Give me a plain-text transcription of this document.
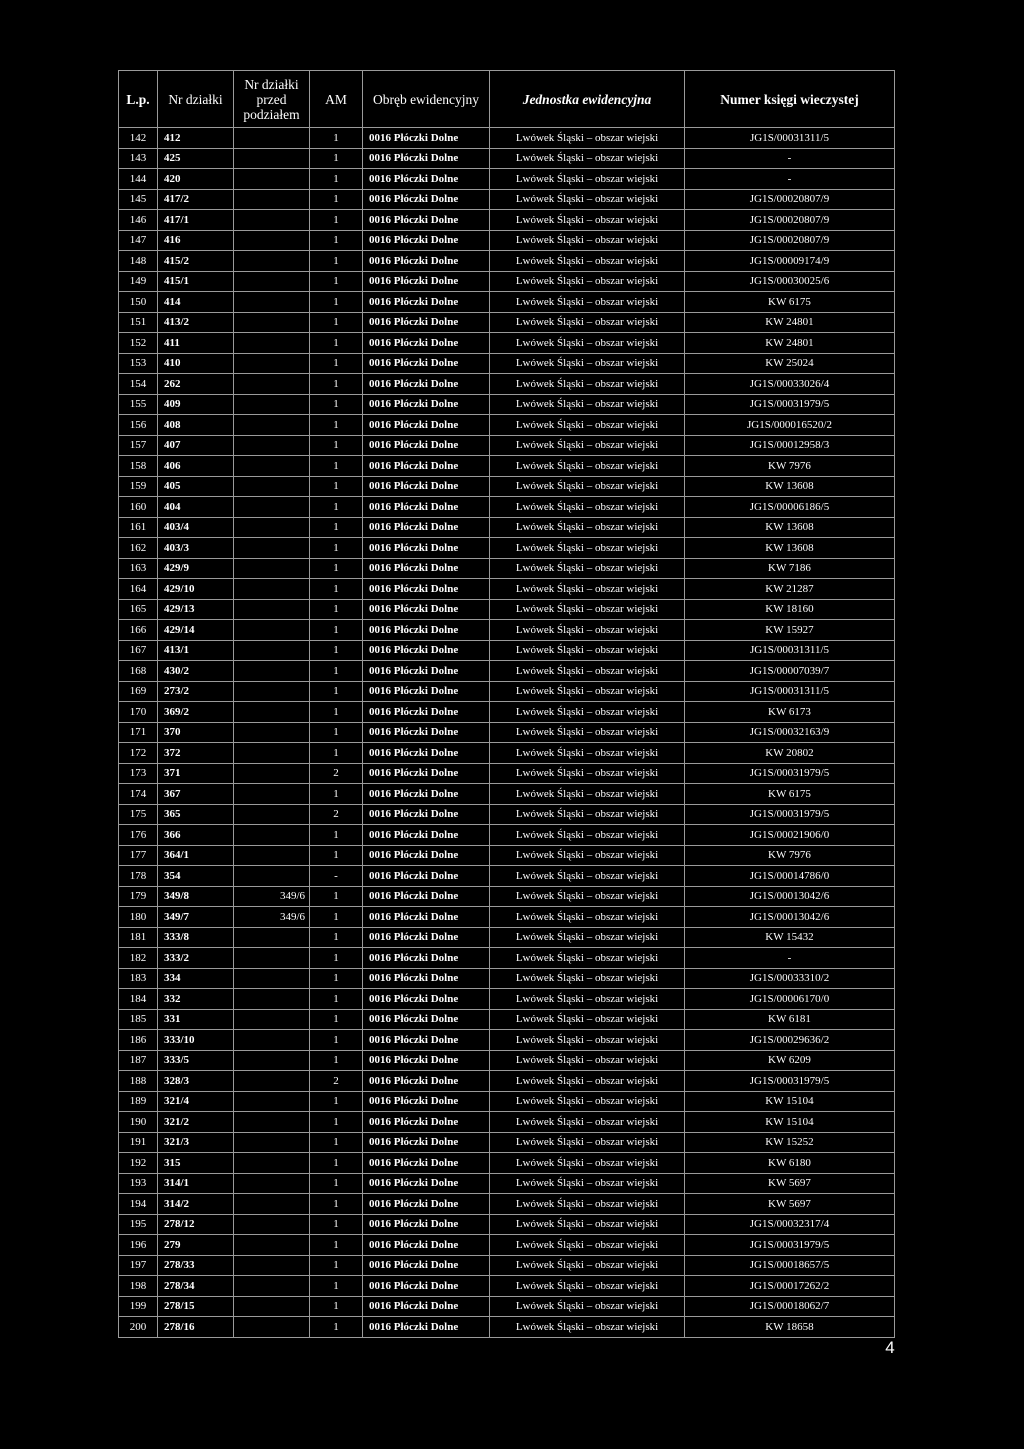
L.p.	Nr działki	Nr działki przed podziałem	AM	Obręb ewidencyjny	Jednostka ewidencyjna	Numer księgi wieczystej
142	412		1	0016 Płóczki Dolne	Lwówek Śląski – obszar wiejski	JG1S/00031311/5
143	425		1	0016 Płóczki Dolne	Lwówek Śląski – obszar wiejski	-
144	420		1	0016 Płóczki Dolne	Lwówek Śląski – obszar wiejski	-
145	417/2		1	0016 Płóczki Dolne	Lwówek Śląski – obszar wiejski	JG1S/00020807/9
146	417/1		1	0016 Płóczki Dolne	Lwówek Śląski – obszar wiejski	JG1S/00020807/9
147	416		1	0016 Płóczki Dolne	Lwówek Śląski – obszar wiejski	JG1S/00020807/9
148	415/2		1	0016 Płóczki Dolne	Lwówek Śląski – obszar wiejski	JG1S/00009174/9
149	415/1		1	0016 Płóczki Dolne	Lwówek Śląski – obszar wiejski	JG1S/00030025/6
150	414		1	0016 Płóczki Dolne	Lwówek Śląski – obszar wiejski	KW 6175
151	413/2		1	0016 Płóczki Dolne	Lwówek Śląski – obszar wiejski	KW 24801
152	411		1	0016 Płóczki Dolne	Lwówek Śląski – obszar wiejski	KW 24801
153	410		1	0016 Płóczki Dolne	Lwówek Śląski – obszar wiejski	KW 25024
154	262		1	0016 Płóczki Dolne	Lwówek Śląski – obszar wiejski	JG1S/00033026/4
155	409		1	0016 Płóczki Dolne	Lwówek Śląski – obszar wiejski	JG1S/00031979/5
156	408		1	0016 Płóczki Dolne	Lwówek Śląski – obszar wiejski	JG1S/000016520/2
157	407		1	0016 Płóczki Dolne	Lwówek Śląski – obszar wiejski	JG1S/00012958/3
158	406		1	0016 Płóczki Dolne	Lwówek Śląski – obszar wiejski	KW 7976
159	405		1	0016 Płóczki Dolne	Lwówek Śląski – obszar wiejski	KW 13608
160	404		1	0016 Płóczki Dolne	Lwówek Śląski – obszar wiejski	JG1S/00006186/5
161	403/4		1	0016 Płóczki Dolne	Lwówek Śląski – obszar wiejski	KW 13608
162	403/3		1	0016 Płóczki Dolne	Lwówek Śląski – obszar wiejski	KW 13608
163	429/9		1	0016 Płóczki Dolne	Lwówek Śląski – obszar wiejski	KW 7186
164	429/10		1	0016 Płóczki Dolne	Lwówek Śląski – obszar wiejski	KW 21287
165	429/13		1	0016 Płóczki Dolne	Lwówek Śląski – obszar wiejski	KW 18160
166	429/14		1	0016 Płóczki Dolne	Lwówek Śląski – obszar wiejski	KW 15927
167	413/1		1	0016 Płóczki Dolne	Lwówek Śląski – obszar wiejski	JG1S/00031311/5
168	430/2		1	0016 Płóczki Dolne	Lwówek Śląski – obszar wiejski	JG1S/00007039/7
169	273/2		1	0016 Płóczki Dolne	Lwówek Śląski – obszar wiejski	JG1S/00031311/5
170	369/2		1	0016 Płóczki Dolne	Lwówek Śląski – obszar wiejski	KW 6173
171	370		1	0016 Płóczki Dolne	Lwówek Śląski – obszar wiejski	JG1S/00032163/9
172	372		1	0016 Płóczki Dolne	Lwówek Śląski – obszar wiejski	KW 20802
173	371		2	0016 Płóczki Dolne	Lwówek Śląski – obszar wiejski	JG1S/00031979/5
174	367		1	0016 Płóczki Dolne	Lwówek Śląski – obszar wiejski	KW 6175
175	365		2	0016 Płóczki Dolne	Lwówek Śląski – obszar wiejski	JG1S/00031979/5
176	366		1	0016 Płóczki Dolne	Lwówek Śląski – obszar wiejski	JG1S/00021906/0
177	364/1		1	0016 Płóczki Dolne	Lwówek Śląski – obszar wiejski	KW 7976
178	354		-	0016 Płóczki Dolne	Lwówek Śląski – obszar wiejski	JG1S/00014786/0
179	349/8	349/6	1	0016 Płóczki Dolne	Lwówek Śląski – obszar wiejski	JG1S/00013042/6
180	349/7	349/6	1	0016 Płóczki Dolne	Lwówek Śląski – obszar wiejski	JG1S/00013042/6
181	333/8		1	0016 Płóczki Dolne	Lwówek Śląski – obszar wiejski	KW 15432
182	333/2		1	0016 Płóczki Dolne	Lwówek Śląski – obszar wiejski	-
183	334		1	0016 Płóczki Dolne	Lwówek Śląski – obszar wiejski	JG1S/00033310/2
184	332		1	0016 Płóczki Dolne	Lwówek Śląski – obszar wiejski	JG1S/00006170/0
185	331		1	0016 Płóczki Dolne	Lwówek Śląski – obszar wiejski	KW 6181
186	333/10		1	0016 Płóczki Dolne	Lwówek Śląski – obszar wiejski	JG1S/00029636/2
187	333/5		1	0016 Płóczki Dolne	Lwówek Śląski – obszar wiejski	KW 6209
188	328/3		2	0016 Płóczki Dolne	Lwówek Śląski – obszar wiejski	JG1S/00031979/5
189	321/4		1	0016 Płóczki Dolne	Lwówek Śląski – obszar wiejski	KW 15104
190	321/2		1	0016 Płóczki Dolne	Lwówek Śląski – obszar wiejski	KW 15104
191	321/3		1	0016 Płóczki Dolne	Lwówek Śląski – obszar wiejski	KW 15252
192	315		1	0016 Płóczki Dolne	Lwówek Śląski – obszar wiejski	KW 6180
193	314/1		1	0016 Płóczki Dolne	Lwówek Śląski – obszar wiejski	KW 5697
194	314/2		1	0016 Płóczki Dolne	Lwówek Śląski – obszar wiejski	KW 5697
195	278/12		1	0016 Płóczki Dolne	Lwówek Śląski – obszar wiejski	JG1S/00032317/4
196	279		1	0016 Płóczki Dolne	Lwówek Śląski – obszar wiejski	JG1S/00031979/5
197	278/33		1	0016 Płóczki Dolne	Lwówek Śląski – obszar wiejski	JG1S/00018657/5
198	278/34		1	0016 Płóczki Dolne	Lwówek Śląski – obszar wiejski	JG1S/00017262/2
199	278/15		1	0016 Płóczki Dolne	Lwówek Śląski – obszar wiejski	JG1S/00018062/7
200	278/16		1	0016 Płóczki Dolne	Lwówek Śląski – obszar wiejski	KW 18658
4
